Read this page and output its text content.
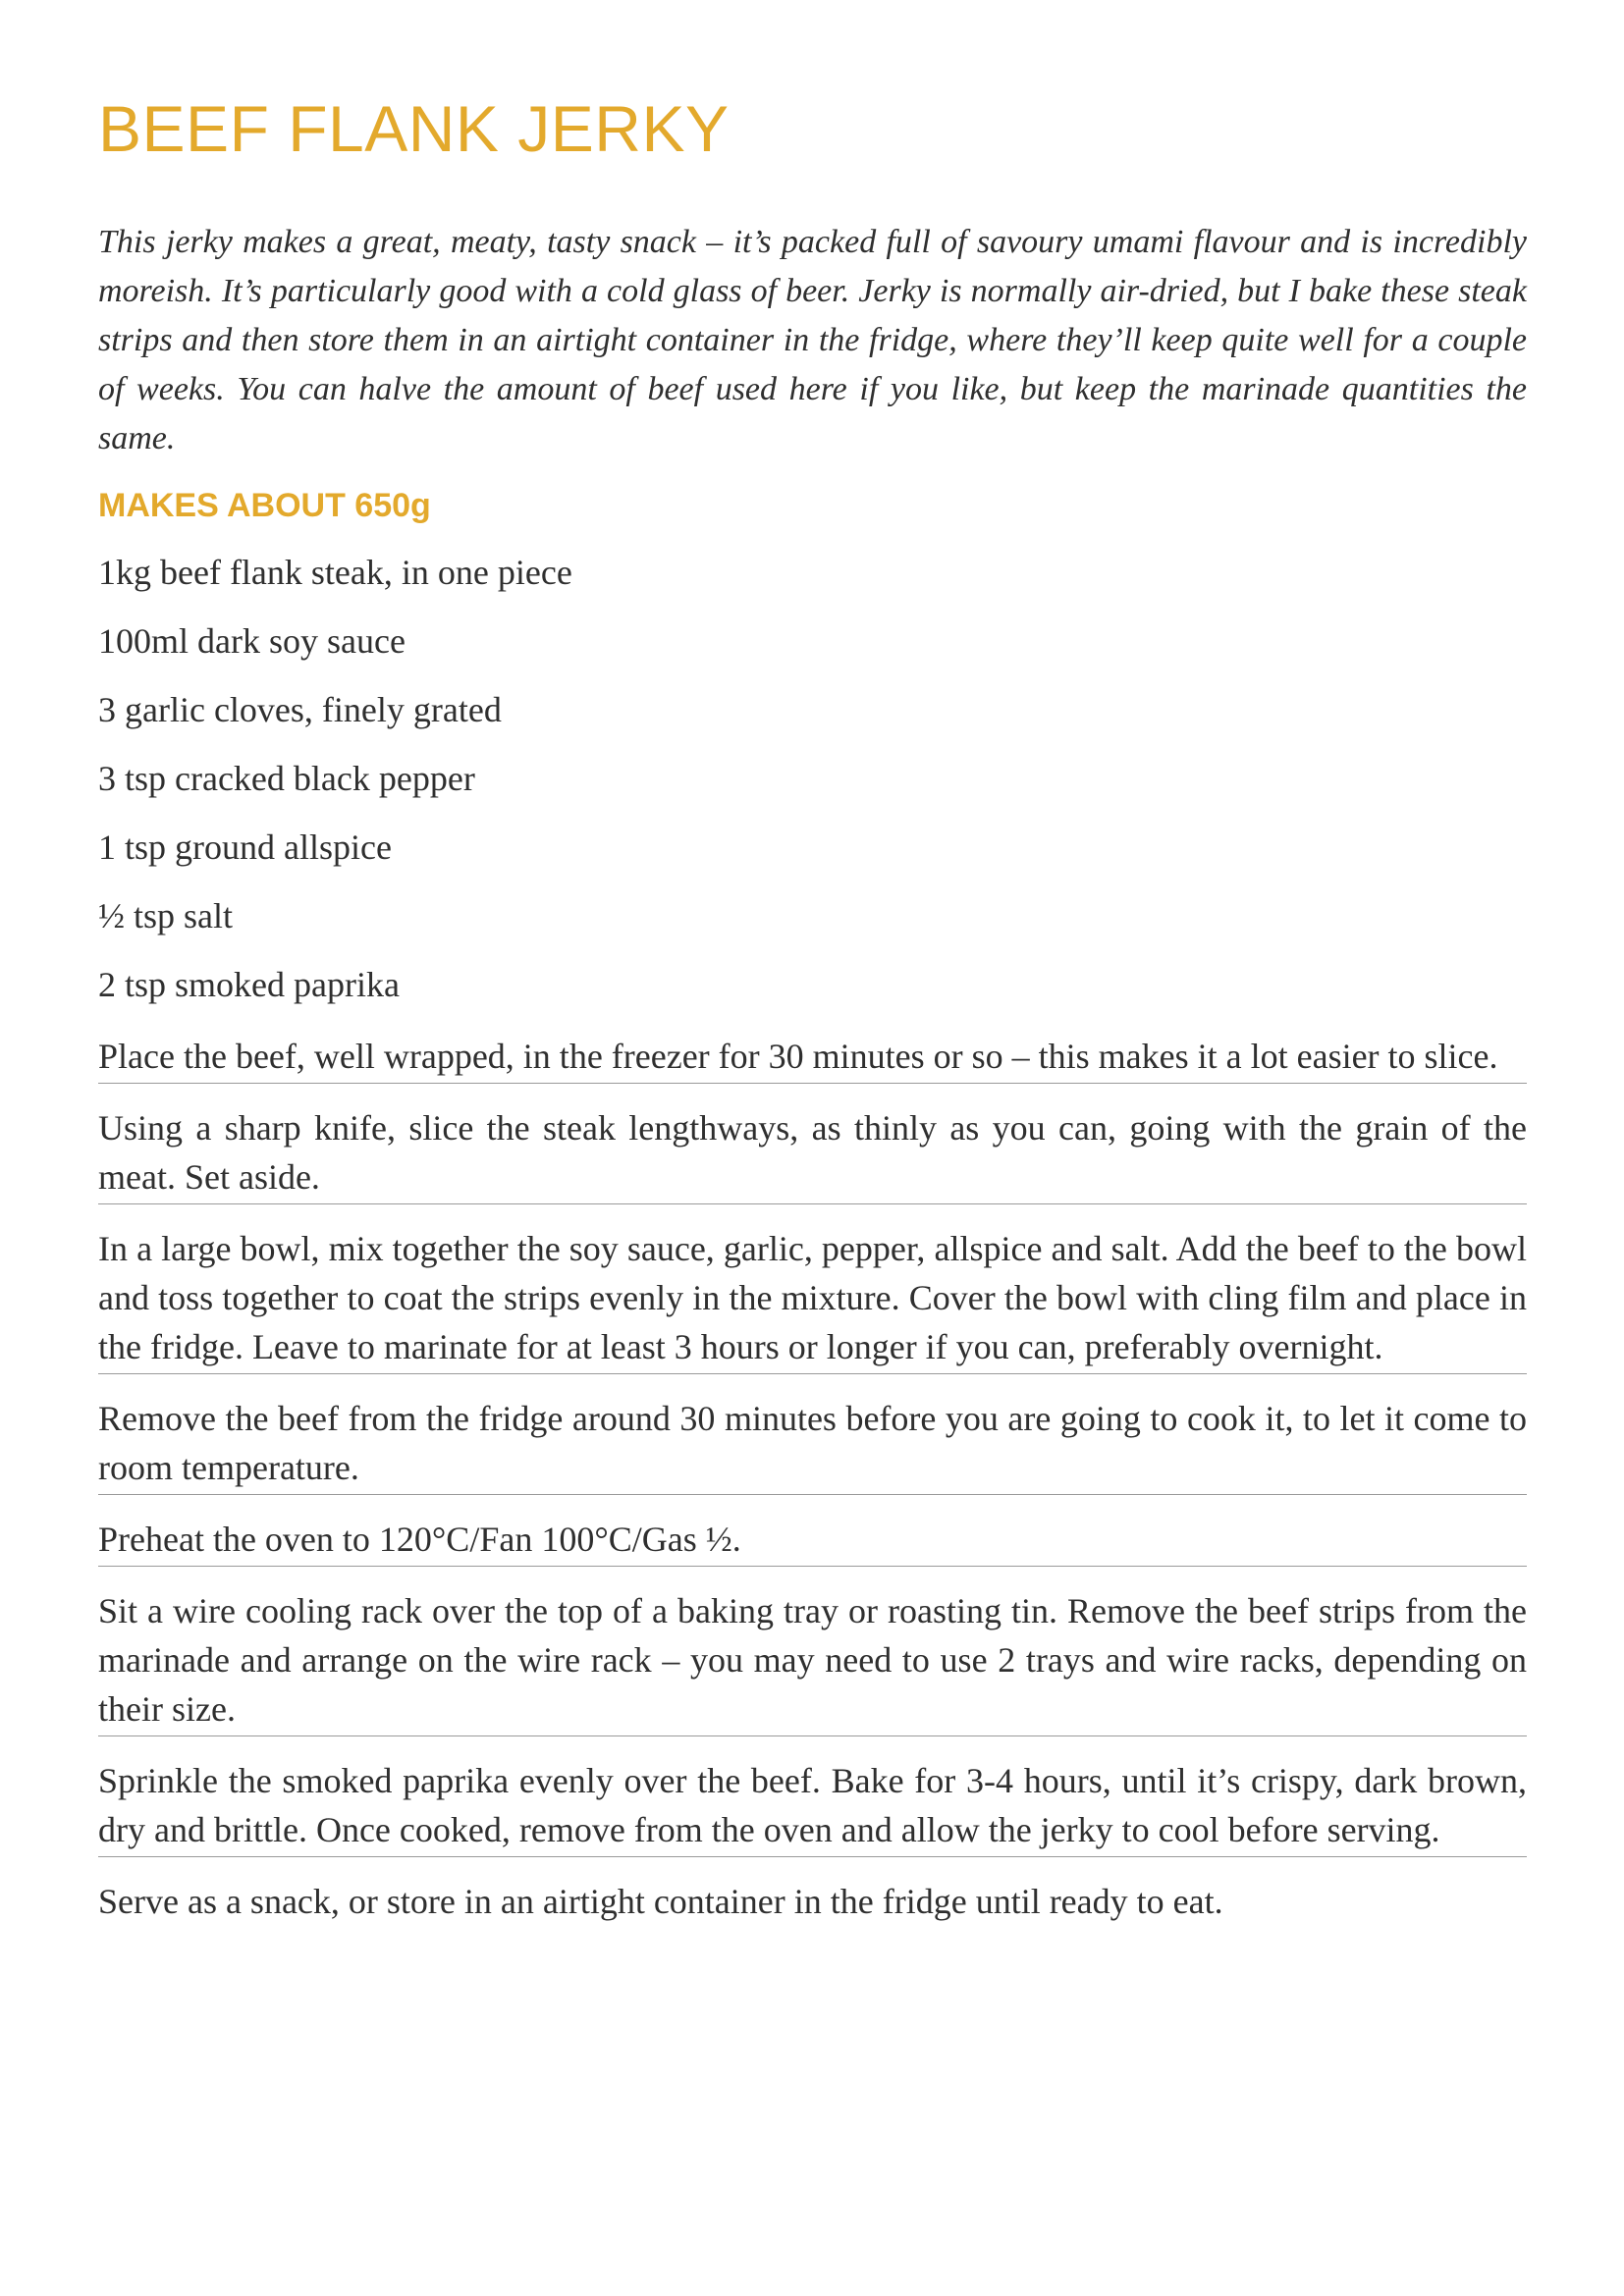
BEEF FLANK JERKY

This jerky makes a great, meaty, tasty snack – it’s packed full of savoury umami flavour and is incredibly moreish. It’s particularly good with a cold glass of beer. Jerky is normally air-dried, but I bake these steak strips and then store them in an airtight container in the fridge, where they’ll keep quite well for a couple of weeks. You can halve the amount of beef used here if you like, but keep the marinade quantities the same.

MAKES ABOUT 650g
1kg beef flank steak, in one piece
100ml dark soy sauce
3 garlic cloves, finely grated
3 tsp cracked black pepper
1 tsp ground allspice
½ tsp salt
2 tsp smoked paprika
Place the beef, well wrapped, in the freezer for 30 minutes or so – this makes it a lot easier to slice.
Using a sharp knife, slice the steak lengthways, as thinly as you can, going with the grain of the meat. Set aside.
In a large bowl, mix together the soy sauce, garlic, pepper, allspice and salt. Add the beef to the bowl and toss together to coat the strips evenly in the mixture. Cover the bowl with cling film and place in the fridge. Leave to marinate for at least 3 hours or longer if you can, preferably overnight.
Remove the beef from the fridge around 30 minutes before you are going to cook it, to let it come to room temperature.
Preheat the oven to 120°C/Fan 100°C/Gas ½.
Sit a wire cooling rack over the top of a baking tray or roasting tin. Remove the beef strips from the marinade and arrange on the wire rack – you may need to use 2 trays and wire racks, depending on their size.
Sprinkle the smoked paprika evenly over the beef. Bake for 3-4 hours, until it’s crispy, dark brown, dry and brittle. Once cooked, remove from the oven and allow the jerky to cool before serving.
Serve as a snack, or store in an airtight container in the fridge until ready to eat.
